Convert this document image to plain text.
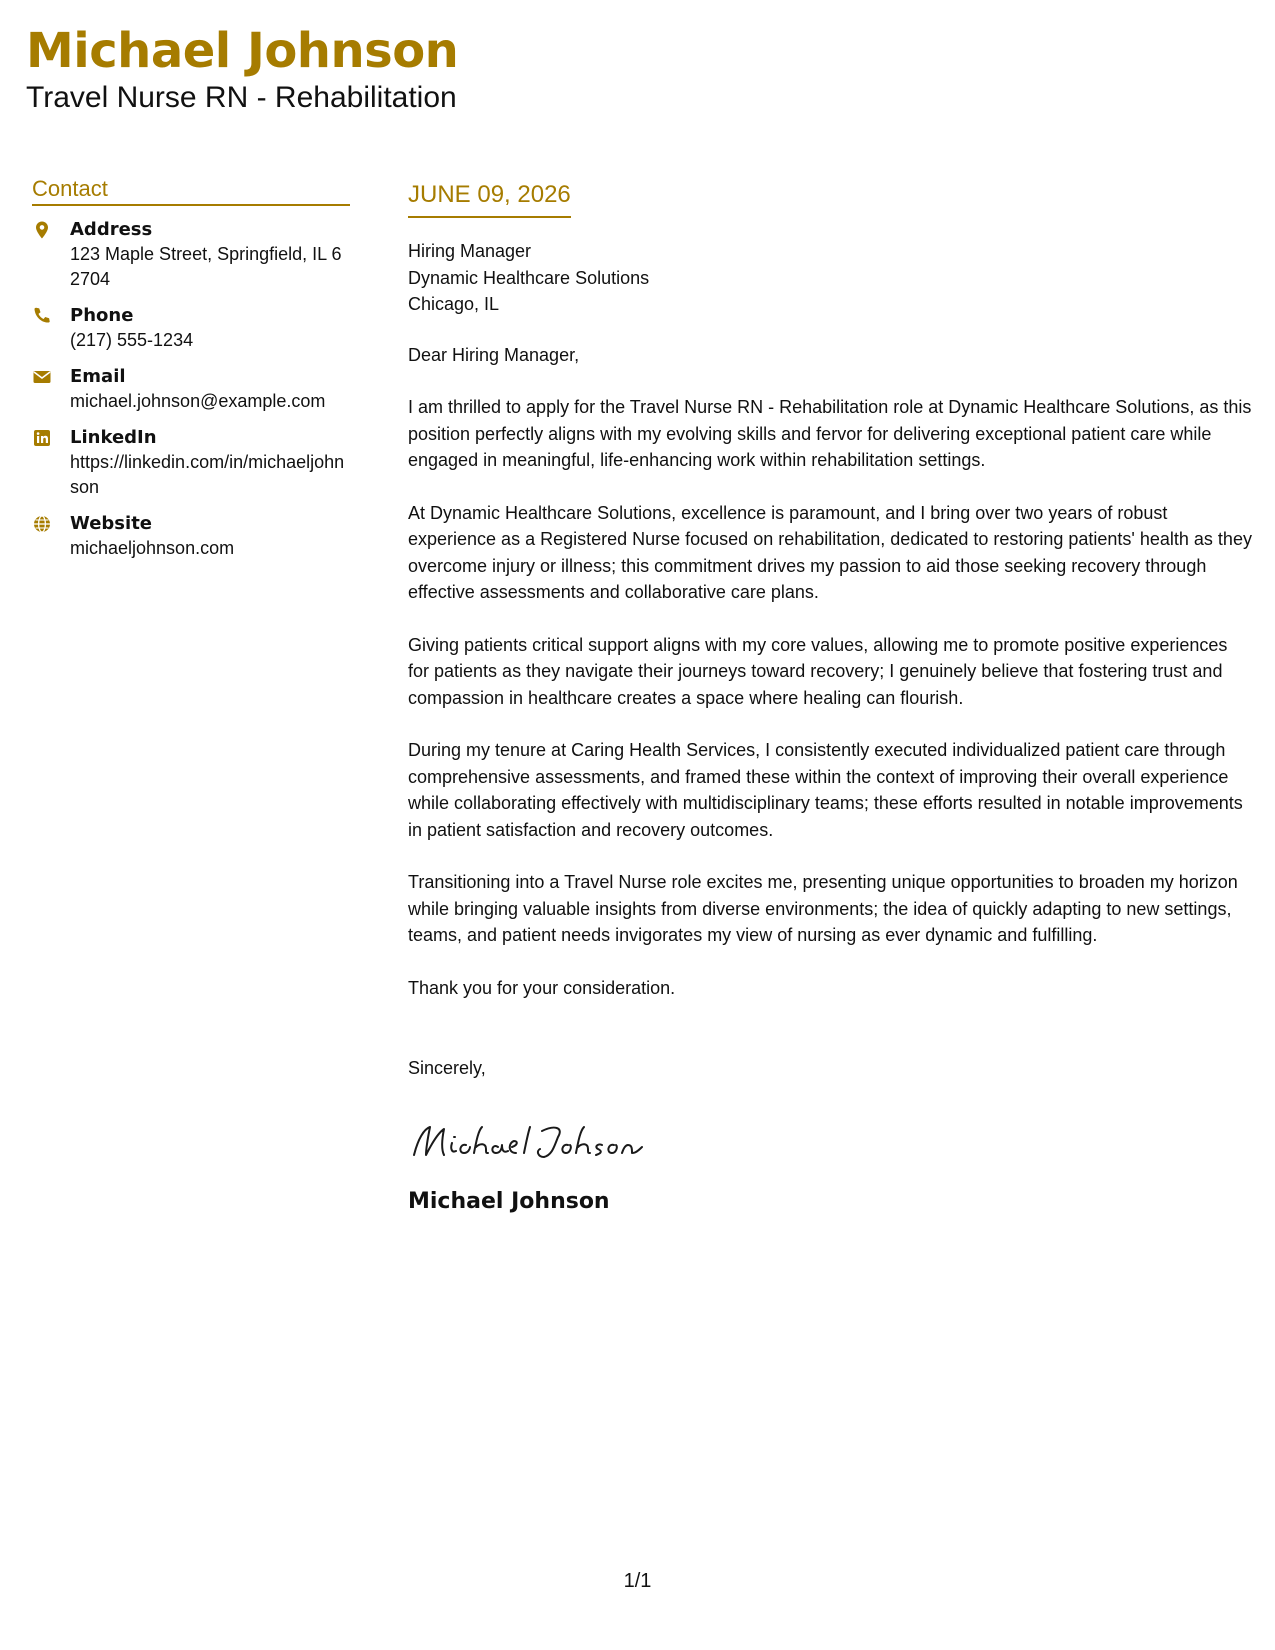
Michael Johnson
Travel Nurse RN - Rehabilitation
Contact
Address
123 Maple Street, Springfield, IL 62704
Phone
(217) 555-1234
Email
michael.johnson@example.com
LinkedIn
https://linkedin.com/in/michaeljohnson
Website
michaeljohnson.com
JUNE 09, 2026
Hiring Manager
Dynamic Healthcare Solutions
Chicago, IL

Dear Hiring Manager,

I am thrilled to apply for the Travel Nurse RN - Rehabilitation role at Dynamic Healthcare Solutions, as this position perfectly aligns with my evolving skills and fervor for delivering exceptional patient care while engaged in meaningful, life-enhancing work within rehabilitation settings.

At Dynamic Healthcare Solutions, excellence is paramount, and I bring over two years of robust experience as a Registered Nurse focused on rehabilitation, dedicated to restoring patients' health as they overcome injury or illness; this commitment drives my passion to aid those seeking recovery through effective assessments and collaborative care plans.

Giving patients critical support aligns with my core values, allowing me to promote positive experiences for patients as they navigate their journeys toward recovery; I genuinely believe that fostering trust and compassion in healthcare creates a space where healing can flourish.

During my tenure at Caring Health Services, I consistently executed individualized patient care through comprehensive assessments, and framed these within the context of improving their overall experience while collaborating effectively with multidisciplinary teams; these efforts resulted in notable improvements in patient satisfaction and recovery outcomes.

Transitioning into a Travel Nurse role excites me, presenting unique opportunities to broaden my horizon while bringing valuable insights from diverse environments; the idea of quickly adapting to new settings, teams, and patient needs invigorates my view of nursing as ever dynamic and fulfilling.

Thank you for your consideration.

Sincerely,
Michael Johnson
1/1
